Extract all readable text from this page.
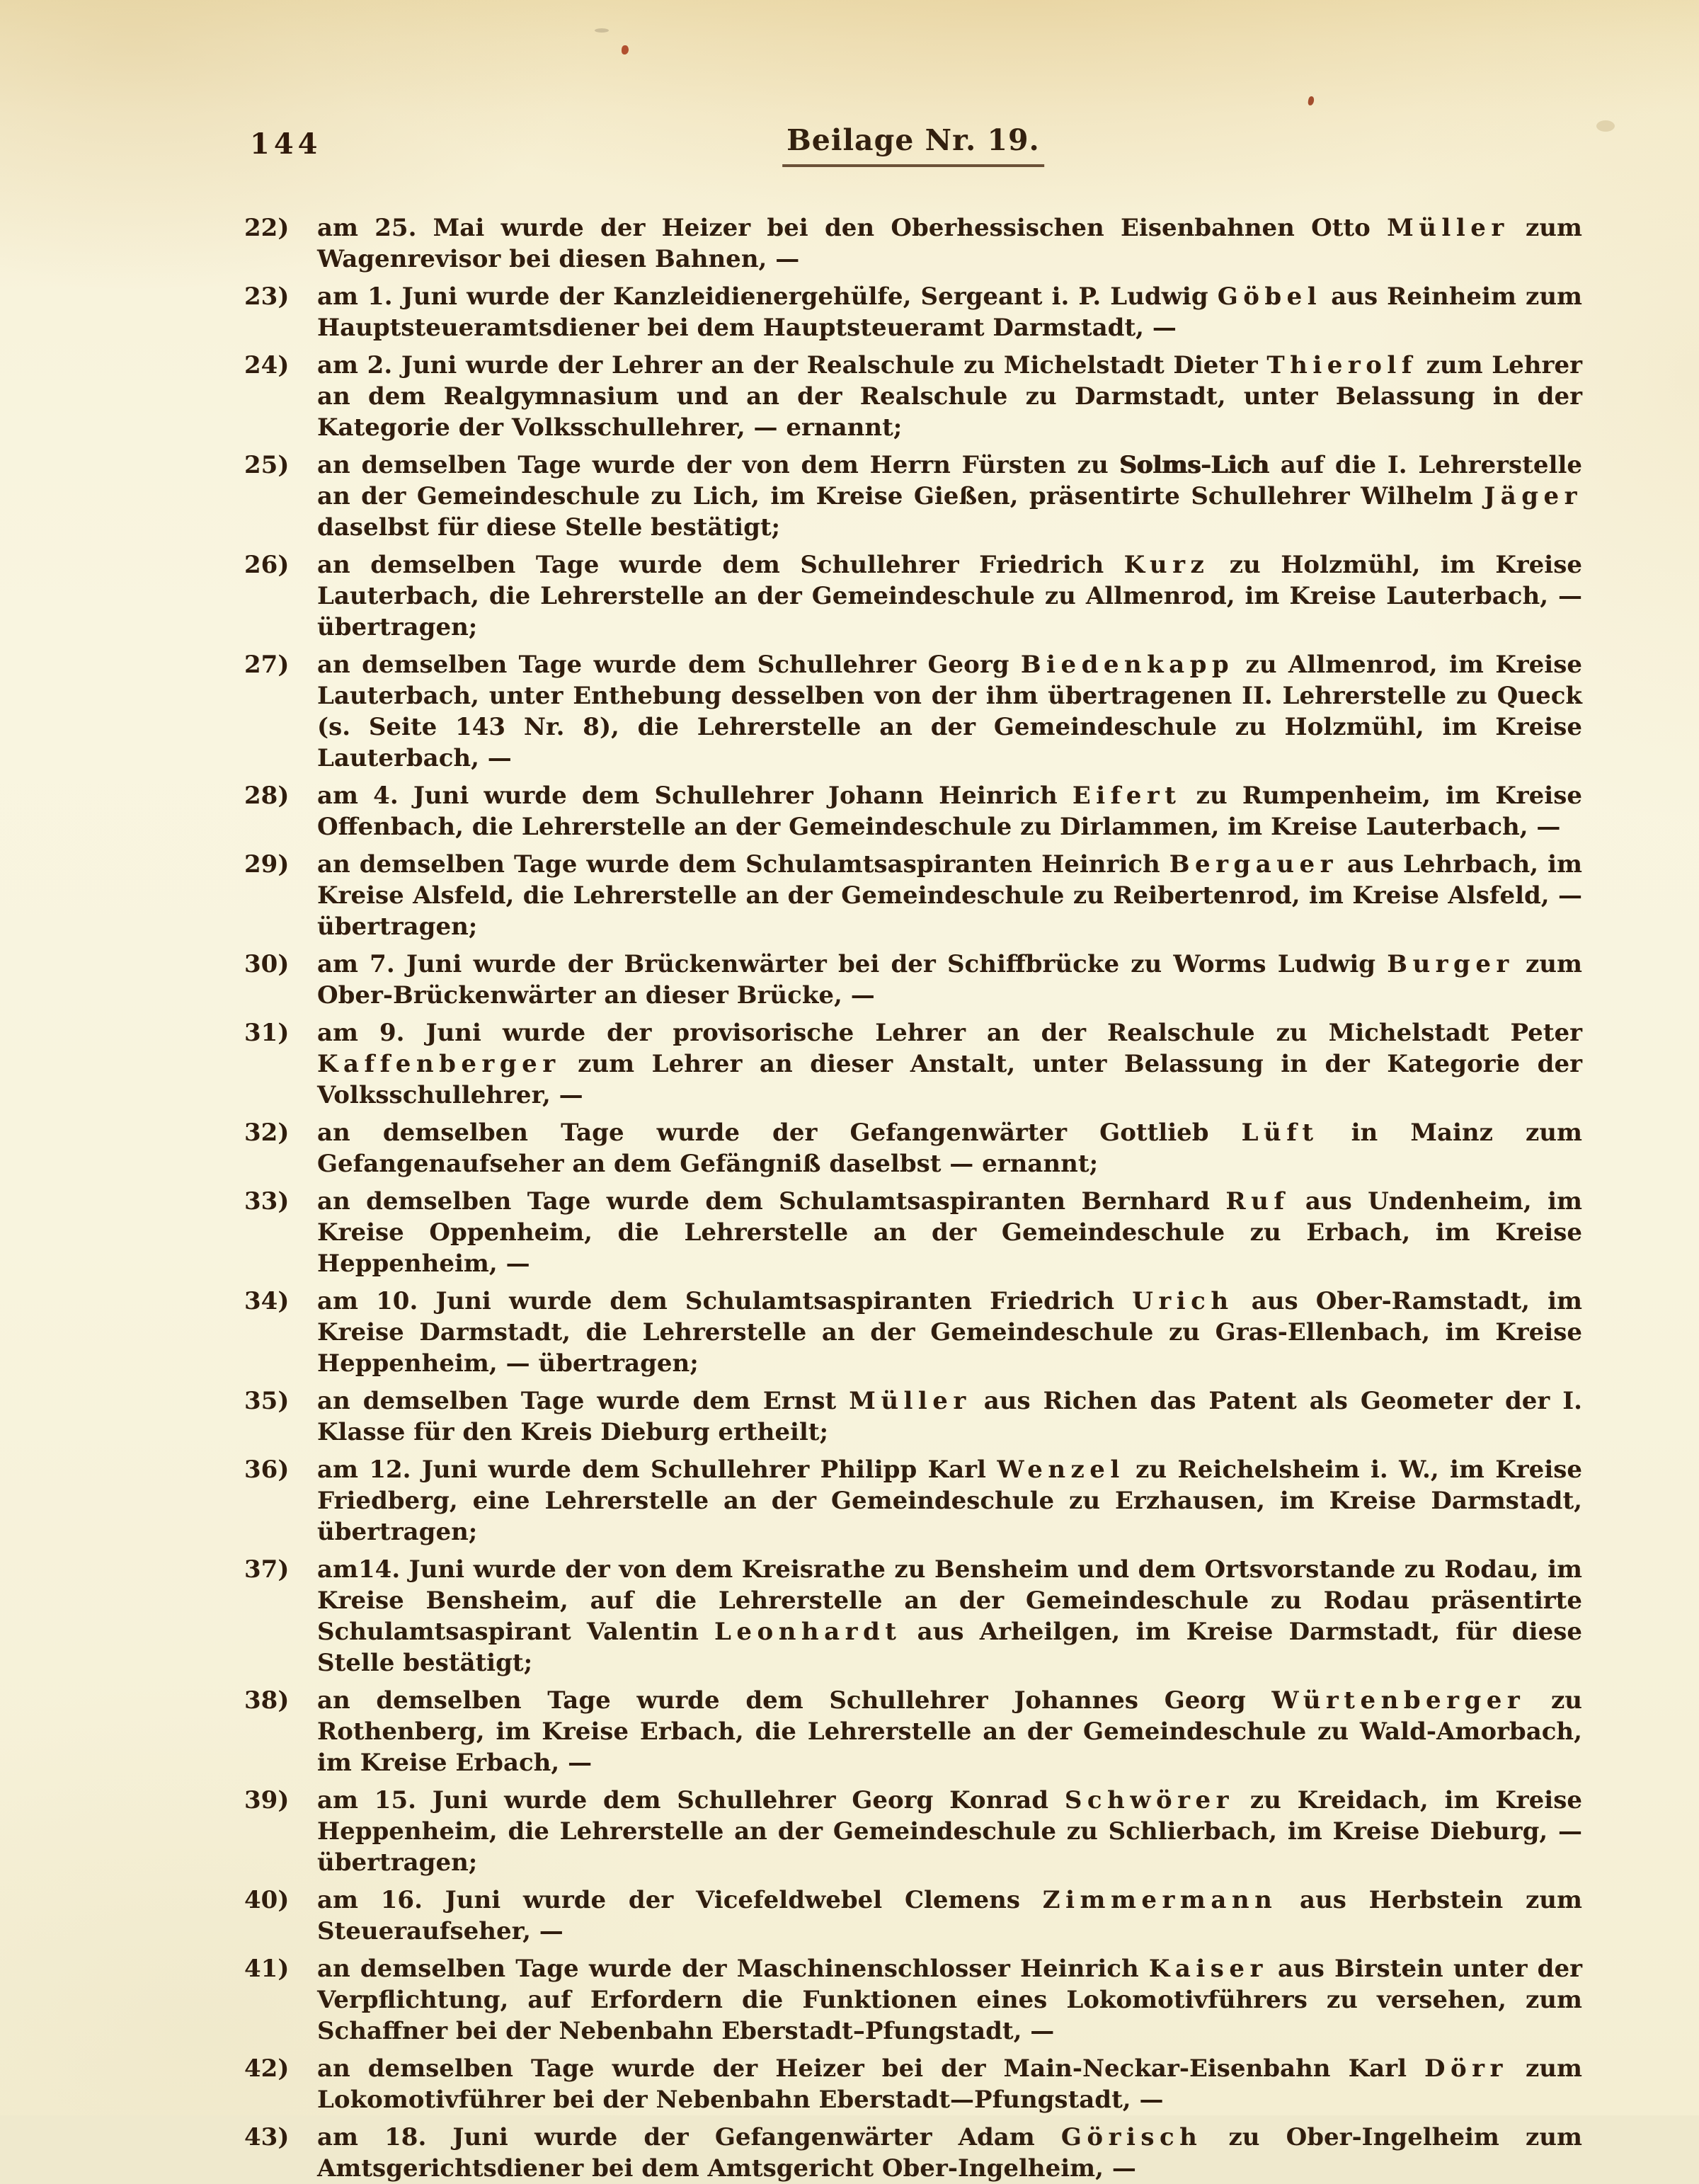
144	Beilage Nr. 19.
22)	am 25. Mai wurde der Heizer bei den Oberhessischen Eisenbahnen Otto Müller zum Wagenrevisor bei diesen Bahnen, —
23)	am 1. Juni wurde der Kanzleidienergehülfe, Sergeant i. P. Ludwig Göbel aus Reinheim zum Hauptsteueramtsdiener bei dem Hauptsteueramt Darmstadt, —
24)	am 2. Juni wurde der Lehrer an der Realschule zu Michelstadt Dieter Thierolf zum Lehrer an dem Realgymnasium und an der Realschule zu Darmstadt, unter Belassung in der Kategorie der Volksschullehrer, — ernannt;
25)	an demselben Tage wurde der von dem Herrn Fürsten zu Solms-Lich auf die I. Lehrerstelle an der Gemeindeschule zu Lich, im Kreise Gießen, präsentirte Schullehrer Wilhelm Jäger daselbst für diese Stelle bestätigt;
26)	an demselben Tage wurde dem Schullehrer Friedrich Kurz zu Holzmühl, im Kreise Lauterbach, die Lehrerstelle an der Gemeindeschule zu Allmenrod, im Kreise Lauterbach, — übertragen;
27)	an demselben Tage wurde dem Schullehrer Georg Biedenkapp zu Allmenrod, im Kreise Lauterbach, unter Enthebung desselben von der ihm übertragenen II. Lehrerstelle zu Queck (s. Seite 143 Nr. 8), die Lehrerstelle an der Gemeindeschule zu Holzmühl, im Kreise Lauterbach, —
28)	am 4. Juni wurde dem Schullehrer Johann Heinrich Eifert zu Rumpenheim, im Kreise Offenbach, die Lehrerstelle an der Gemeindeschule zu Dirlammen, im Kreise Lauterbach, —
29)	an demselben Tage wurde dem Schulamtsaspiranten Heinrich Bergauer aus Lehrbach, im Kreise Alsfeld, die Lehrerstelle an der Gemeindeschule zu Reibertenrod, im Kreise Alsfeld, — übertragen;
30)	am 7. Juni wurde der Brückenwärter bei der Schiffbrücke zu Worms Ludwig Burger zum Ober-Brückenwärter an dieser Brücke, —
31)	am 9. Juni wurde der provisorische Lehrer an der Realschule zu Michelstadt Peter Kaffenberger zum Lehrer an dieser Anstalt, unter Belassung in der Kategorie der Volksschullehrer, —
32)	an demselben Tage wurde der Gefangenwärter Gottlieb Lüft in Mainz zum Gefangenaufseher an dem Gefängniß daselbst — ernannt;
33)	an demselben Tage wurde dem Schulamtsaspiranten Bernhard Ruf aus Undenheim, im Kreise Oppenheim, die Lehrerstelle an der Gemeindeschule zu Erbach, im Kreise Heppenheim, —
34)	am 10. Juni wurde dem Schulamtsaspiranten Friedrich Urich aus Ober-Ramstadt, im Kreise Darmstadt, die Lehrerstelle an der Gemeindeschule zu Gras-Ellenbach, im Kreise Heppenheim, — übertragen;
35)	an demselben Tage wurde dem Ernst Müller aus Richen das Patent als Geometer der I. Klasse für den Kreis Dieburg ertheilt;
36)	am 12. Juni wurde dem Schullehrer Philipp Karl Wenzel zu Reichelsheim i. W., im Kreise Friedberg, eine Lehrerstelle an der Gemeindeschule zu Erzhausen, im Kreise Darmstadt, übertragen;
37)	am14. Juni wurde der von dem Kreisrathe zu Bensheim und dem Ortsvorstande zu Rodau, im Kreise Bensheim, auf die Lehrerstelle an der Gemeindeschule zu Rodau präsentirte Schulamtsaspirant Valentin Leonhardt aus Arheilgen, im Kreise Darmstadt, für diese Stelle bestätigt;
38)	an demselben Tage wurde dem Schullehrer Johannes Georg Würtenberger zu Rothenberg, im Kreise Erbach, die Lehrerstelle an der Gemeindeschule zu Wald-Amorbach, im Kreise Erbach, —
39)	am 15. Juni wurde dem Schullehrer Georg Konrad Schwörer zu Kreidach, im Kreise Heppenheim, die Lehrerstelle an der Gemeindeschule zu Schlierbach, im Kreise Dieburg, — übertragen;
40)	am 16. Juni wurde der Vicefeldwebel Clemens Zimmermann aus Herbstein zum Steueraufseher, —
41)	an demselben Tage wurde der Maschinenschlosser Heinrich Kaiser aus Birstein unter der Verpflichtung, auf Erfordern die Funktionen eines Lokomotivführers zu versehen, zum Schaffner bei der Nebenbahn Eberstadt–Pfungstadt, —
42)	an demselben Tage wurde der Heizer bei der Main-Neckar-Eisenbahn Karl Dörr zum Lokomotivführer bei der Nebenbahn Eberstadt—Pfungstadt, —
43)	am 18. Juni wurde der Gefangenwärter Adam Görisch zu Ober-Ingelheim zum Amtsgerichtsdiener bei dem Amtsgericht Ober-Ingelheim, —
